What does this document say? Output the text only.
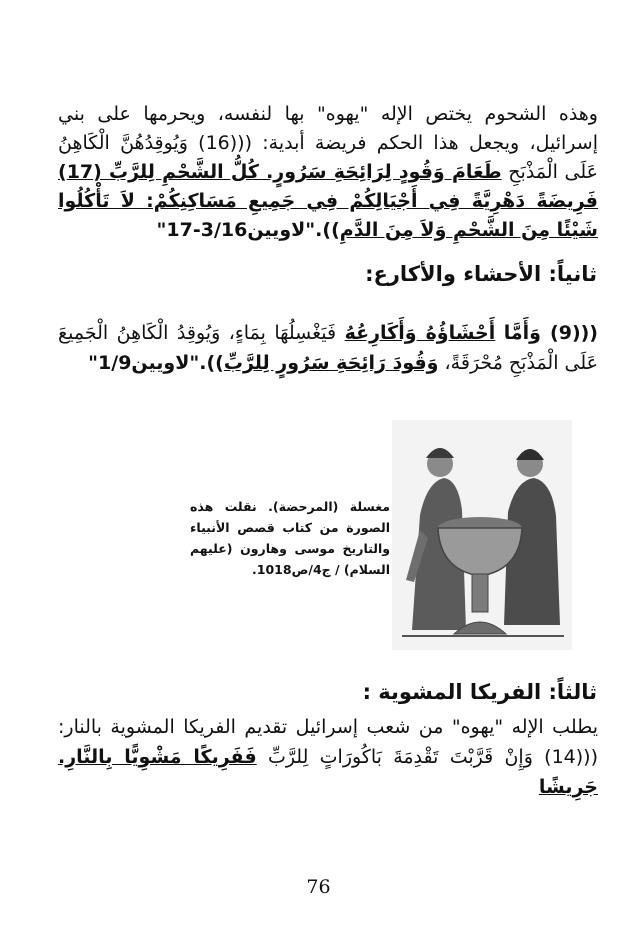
وهذه الشحوم يختص الإله "يهوه" بها لنفسه، ويحرمها على بني إسرائيل، ويجعل هذا الحكم فريضة أبدية: (((16) وَيُوقِدُهُنَّ الْكَاهِنُ عَلَى الْمَذْبَحِ طَعَامَ وَقُودٍ لِرَائِحَةِ سَرُورٍ. كُلُّ الشَّحْمِ لِلرَّبِّ (17) فَرِيضَةً دَهْرِيَّةً فِي أَجْيَالِكُمْ فِي جَمِيعِ مَسَاكِنِكُمْ: لاَ تَأْكُلُوا شَيْئًا مِنَ الشَّحْمِ وَلاَ مِنَ الدَّمِ))."لاويين3/16-17"

ثانياً: الأحشاء والأكارع:

(((9) وَأَمَّا أَحْشَاؤُهُ وَأَكَارِعُهُ فَيَغْسِلُهَا بِمَاءٍ، وَيُوقِدُ الْكَاهِنُ الْجَمِيعَ عَلَى الْمَذْبَحِ مُحْرَقَةً، وَقُودَ رَائِحَةِ سَرُورٍ لِلرَّبِّ))."لاويين1/9"

مغسلة (المرحضة). نقلت هذه الصورة من كتاب قصص الأنبياء والتاريخ موسى وهارون (عليهم السلام) / ج4/ص1018.
ثالثاً: الفريكا المشوية :

يطلب الإله "يهوه" من شعب إسرائيل تقديم الفريكا المشوية بالنار: (((14) وَإِنْ قَرَّبْتَ تَقْدِمَةَ بَاكُورَاتٍ لِلرَّبِّ فَفَرِيكًا مَشْوِيًّا بِالنَّارِ. جَرِيشًا

76
